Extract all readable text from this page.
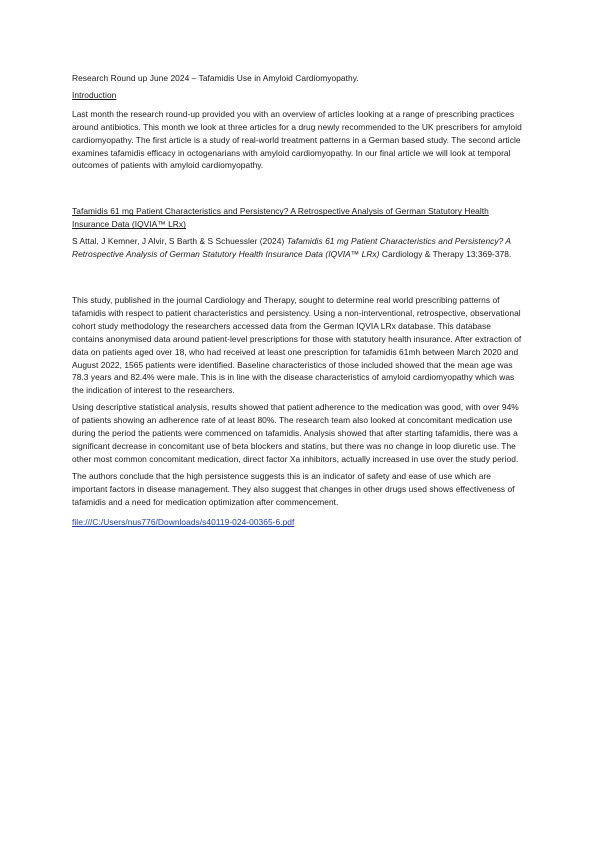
Research Round up June 2024 – Tafamidis Use in Amyloid Cardiomyopathy.

Introduction

Last month the research round-up provided you with an overview of articles looking at a range of prescribing practices around antibiotics. This month we look at three articles for a drug newly recommended to the UK prescribers for amyloid cardiomyopathy. The first article is a study of real-world treatment patterns in a German based study. The second article examines tafamidis efficacy in octogenarians with amyloid cardiomyopathy. In our final article we will look at temporal outcomes of patients with amyloid cardiomyopathy.

Tafamidis 61 mg Patient Characteristics and Persistency? A Retrospective Analysis of German Statutory Health Insurance Data (IQVIA™ LRx)

S Attal, J Kemner, J Alvir, S Barth & S Schuessler (2024) Tafamidis 61 mg Patient Characteristics and Persistency? A Retrospective Analysis of German Statutory Health Insurance Data (IQVIA™ LRx) Cardiology & Therapy 13:369-378.

This study, published in the journal Cardiology and Therapy, sought to determine real world prescribing patterns of tafamidis with respect to patient characteristics and persistency. Using a non-interventional, retrospective, observational cohort study methodology the researchers accessed data from the German IQVIA LRx database. This database contains anonymised data around patient-level prescriptions for those with statutory health insurance. After extraction of data on patients aged over 18, who had received at least one prescription for tafamidis 61mh between March 2020 and August 2022, 1565 patients were identified. Baseline characteristics of those included showed that the mean age was 78.3 years and 82.4% were male. This is in line with the disease characteristics of amyloid cardiomyopathy which was the indication of interest to the researchers.

Using descriptive statistical analysis, results showed that patient adherence to the medication was good, with over 94% of patients showing an adherence rate of at least 80%. The research team also looked at concomitant medication use during the period the patients were commenced on tafamidis. Analysis showed that after starting tafamidis, there was a significant decrease in concomitant use of beta blockers and statins, but there was no change in loop diuretic use. The other most common concomitant medication, direct factor Xa inhibitors, actually increased in use over the study period.

The authors conclude that the high persistence suggests this is an indicator of safety and ease of use which are important factors in disease management. They also suggest that changes in other drugs used shows effectiveness of tafamidis and a need for medication optimization after commencement.

file:///C:/Users/nus776/Downloads/s40119-024-00365-6.pdf
